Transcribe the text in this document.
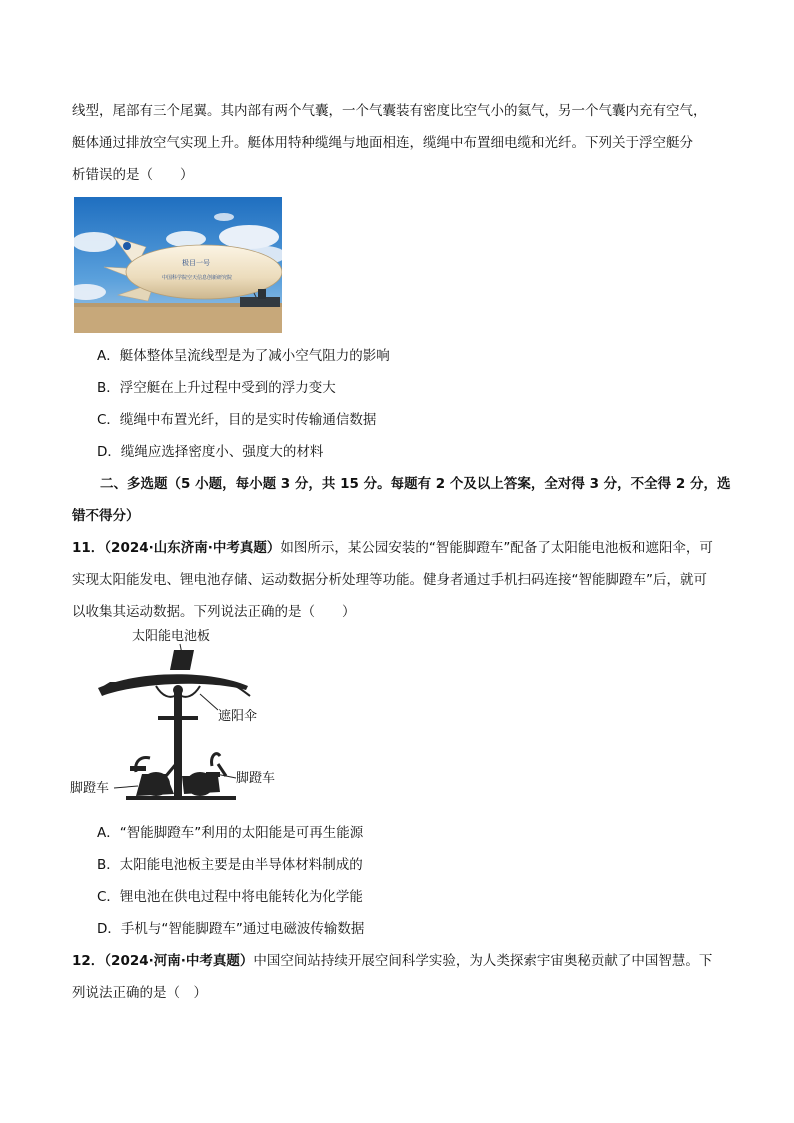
线型，尾部有三个尾翼。其内部有两个气囊，一个气囊装有密度比空气小的氦气，另一个气囊内充有空气，
艇体通过排放空气实现上升。艇体用特种缆绳与地面相连，缆绳中布置细电缆和光纤。下列关于浮空艇分
析错误的是（　　）
极目一号
中国科学院空天信息创新研究院
A．艇体整体呈流线型是为了减小空气阻力的影响
B．浮空艇在上升过程中受到的浮力变大
C．缆绳中布置光纤，目的是实时传输通信数据
D．缆绳应选择密度小、强度大的材料
二、多选题（5 小题，每小题 3 分，共 15 分。每题有 2 个及以上答案，全对得 3 分，不全得 2 分，选
错不得分）
11．（2024·山东济南·中考真题）如图所示，某公园安装的“智能脚蹬车”配备了太阳能电池板和遮阳伞，可
实现太阳能发电、锂电池存储、运动数据分析处理等功能。健身者通过手机扫码连接“智能脚蹬车”后，就可
以收集其运动数据。下列说法正确的是（　　）
太阳能电池板
遮阳伞
脚蹬车
脚蹬车
A．“智能脚蹬车”利用的太阳能是可再生能源
B．太阳能电池板主要是由半导体材料制成的
C．锂电池在供电过程中将电能转化为化学能
D．手机与“智能脚蹬车”通过电磁波传输数据
12．（2024·河南·中考真题）中国空间站持续开展空间科学实验，为人类探索宇宙奥秘贡献了中国智慧。下
列说法正确的是（　）
